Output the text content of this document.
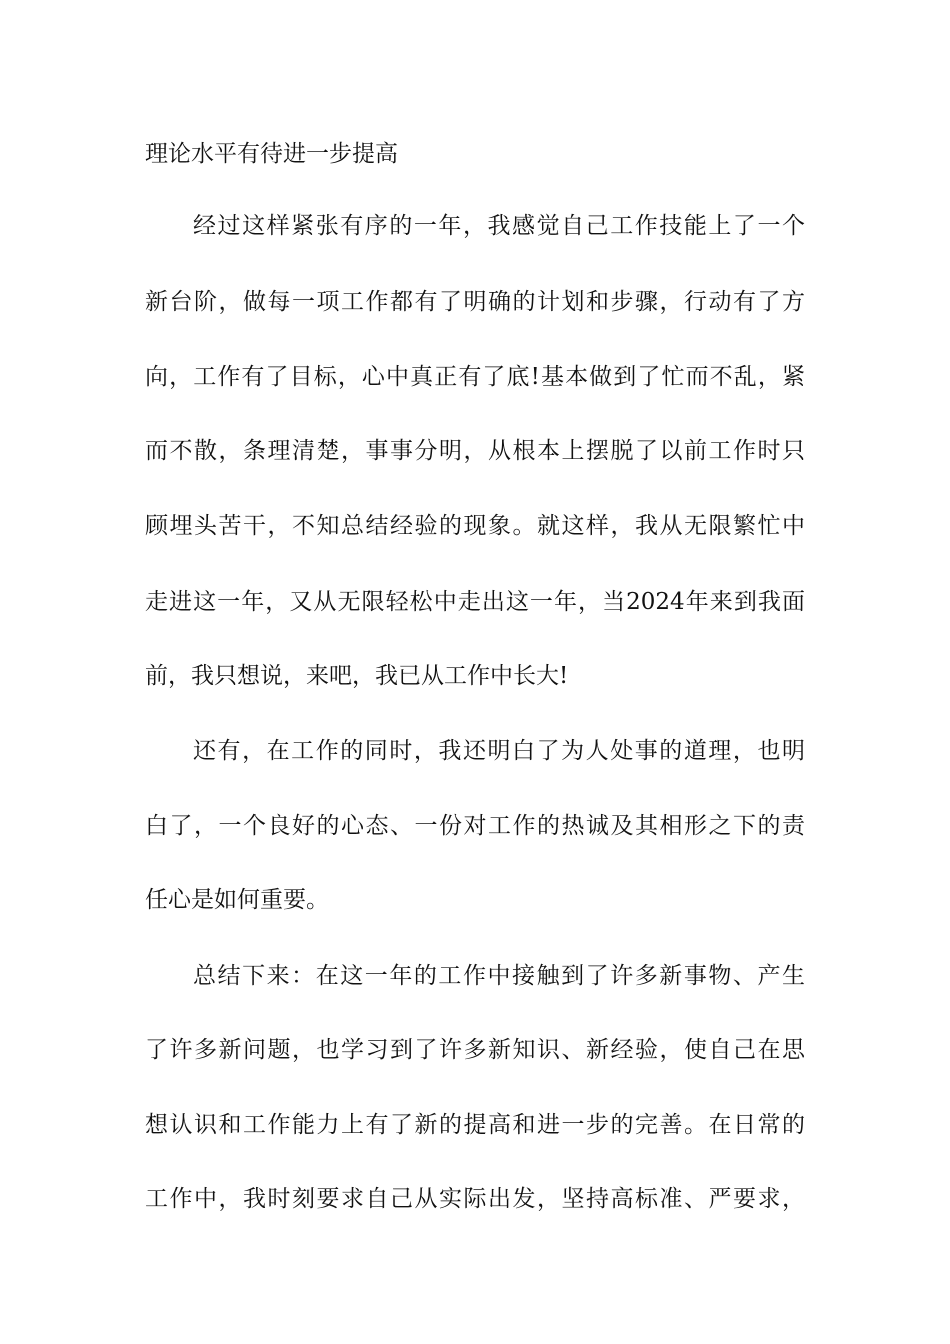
理论水平有待进一步提高
经过这样紧张有序的一年，我感觉自己工作技能上了一个
新台阶，做每一项工作都有了明确的计划和步骤，行动有了方
向，工作有了目标，心中真正有了底!基本做到了忙而不乱，紧
而不散，条理清楚，事事分明，从根本上摆脱了以前工作时只
顾埋头苦干，不知总结经验的现象。就这样，我从无限繁忙中
走进这一年，又从无限轻松中走出这一年，当2024年来到我面
前，我只想说，来吧，我已从工作中长大!
还有，在工作的同时，我还明白了为人处事的道理，也明
白了，一个良好的心态、一份对工作的热诚及其相形之下的责
任心是如何重要。
总结下来：在这一年的工作中接触到了许多新事物、产生
了许多新问题，也学习到了许多新知识、新经验，使自己在思
想认识和工作能力上有了新的提高和进一步的完善。在日常的
工作中，我时刻要求自己从实际出发，坚持高标准、严要求，
